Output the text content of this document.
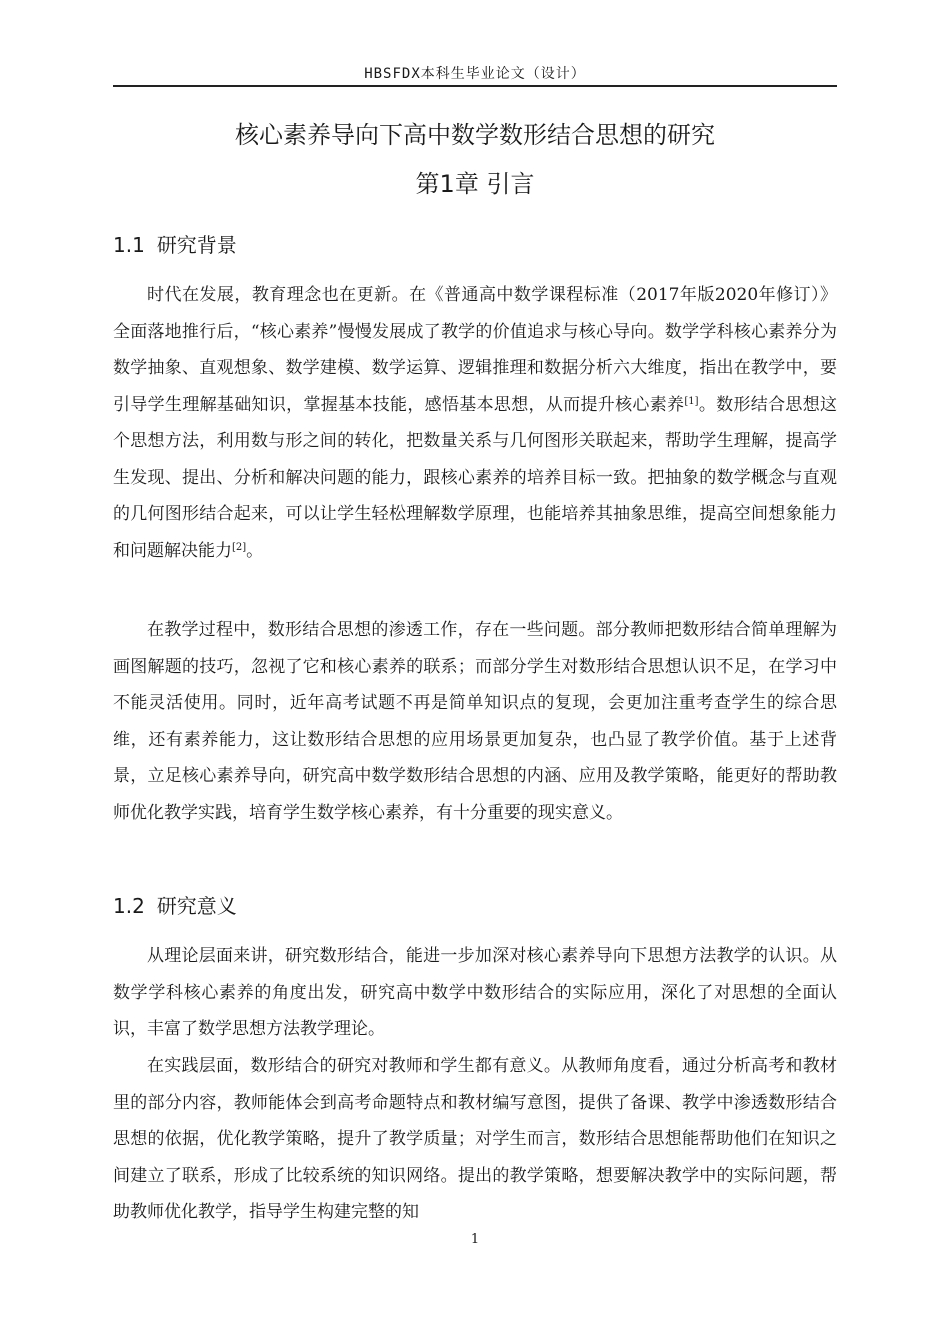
HBSFDX本科生毕业论文（设计）
核心素养导向下高中数学数形结合思想的研究
第1章 引言
1.1 研究背景

时代在发展，教育理念也在更新。在《普通高中数学课程标准（2017年版2020年修订）》全面落地推行后，“核心素养”慢慢发展成了教学的价值追求与核心导向。数学学科核心素养分为数学抽象、直观想象、数学建模、数学运算、逻辑推理和数据分析六大维度，指出在教学中，要引导学生理解基础知识，掌握基本技能，感悟基本思想，从而提升核心素养[1]。数形结合思想这个思想方法，利用数与形之间的转化，把数量关系与几何图形关联起来，帮助学生理解，提高学生发现、提出、分析和解决问题的能力，跟核心素养的培养目标一致。把抽象的数学概念与直观的几何图形结合起来，可以让学生轻松理解数学原理，也能培养其抽象思维，提高空间想象能力和问题解决能力[2]。

在教学过程中，数形结合思想的渗透工作，存在一些问题。部分教师把数形结合简单理解为画图解题的技巧，忽视了它和核心素养的联系；而部分学生对数形结合思想认识不足，在学习中不能灵活使用。同时，近年高考试题不再是简单知识点的复现，会更加注重考查学生的综合思维，还有素养能力，这让数形结合思想的应用场景更加复杂，也凸显了教学价值。基于上述背景，立足核心素养导向，研究高中数学数形结合思想的内涵、应用及教学策略，能更好的帮助教师优化教学实践，培育学生数学核心素养，有十分重要的现实意义。

1.2 研究意义

从理论层面来讲，研究数形结合，能进一步加深对核心素养导向下思想方法教学的认识。从数学学科核心素养的角度出发，研究高中数学中数形结合的实际应用，深化了对思想的全面认识，丰富了数学思想方法教学理论。

在实践层面，数形结合的研究对教师和学生都有意义。从教师角度看，通过分析高考和教材里的部分内容，教师能体会到高考命题特点和教材编写意图，提供了备课、教学中渗透数形结合思想的依据，优化教学策略，提升了教学质量；对学生而言，数形结合思想能帮助他们在知识之间建立了联系，形成了比较系统的知识网络。提出的教学策略，想要解决教学中的实际问题，帮助教师优化教学，指导学生构建完整的知

1
